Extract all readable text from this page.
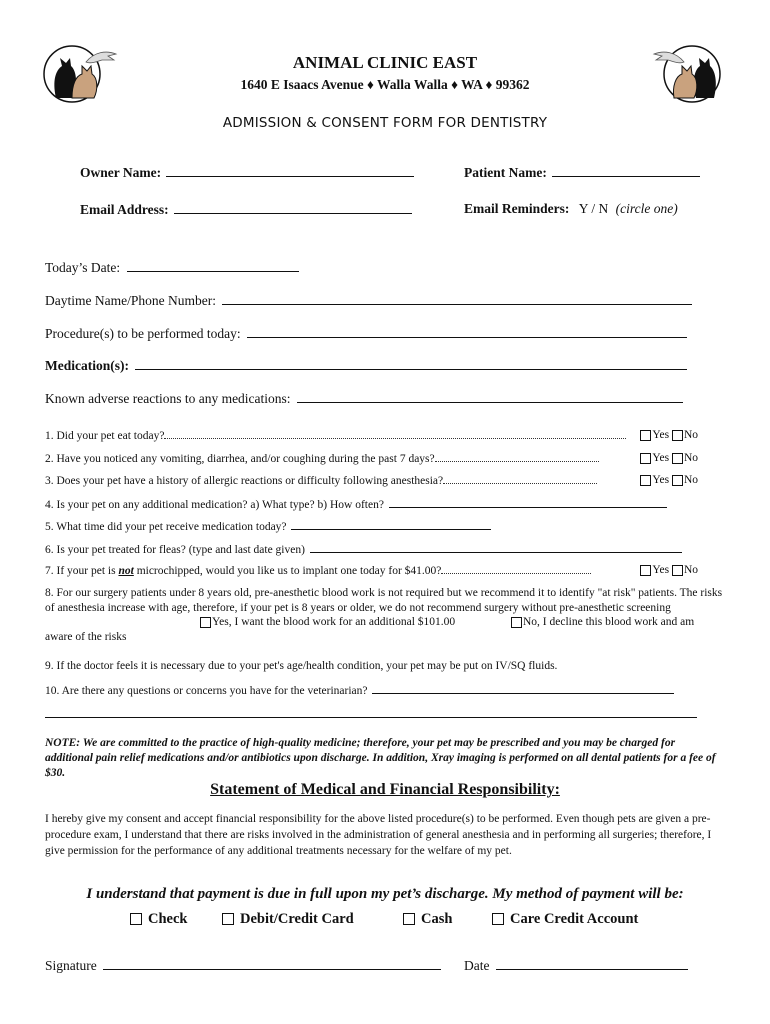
ANIMAL CLINIC EAST
1640 E Isaacs Avenue ♦ Walla Walla ♦ WA ♦ 99362
ADMISSION & CONSENT FORM FOR DENTISTRY
Owner Name:	Patient Name:
Email Address:	Email Reminders: Y / N (circle one)
Today’s Date:
Daytime Name/Phone Number:
Procedure(s) to be performed today:
Medication(s):
Known adverse reactions to any medications:
1. Did your pet eat today?	Yes No
2. Have you noticed any vomiting, diarrhea, and/or coughing during the past 7 days?	Yes No
3. Does your pet have a history of allergic reactions or difficulty following anesthesia?	Yes No
4. Is your pet on any additional medication? a) What type? b) How often?
5. What time did your pet receive medication today?
6. Is your pet treated for fleas? (type and last date given)
7. If your pet is not microchipped, would you like us to implant one today for $41.00?	Yes No
8. For our surgery patients under 8 years old, pre-anesthetic blood work is not required but we recommend it to identify "at risk" patients. The risks of anesthesia increase with age, therefore, if your pet is 8 years or older, we do not recommend surgery without pre-anesthetic screening
Yes, I want the blood work for an additional $101.00	No, I decline this blood work and am
aware of the risks
9. If the doctor feels it is necessary due to your pet's age/health condition, your pet may be put on IV/SQ fluids.
10. Are there any questions or concerns you have for the veterinarian?
NOTE: We are committed to the practice of high-quality medicine; therefore, your pet may be prescribed and you may be charged for additional pain relief medications and/or antibiotics upon discharge. In addition, Xray imaging is performed on all dental patients for a fee of $30.
Statement of Medical and Financial Responsibility:
I hereby give my consent and accept financial responsibility for the above listed procedure(s) to be performed. Even though pets are given a pre-procedure exam, I understand that there are risks involved in the administration of general anesthesia and in performing all surgeries; therefore, I give permission for the performance of any additional treatments necessary for the welfare of my pet.
I understand that payment is due in full upon my pet’s discharge. My method of payment will be:
Check	Debit/Credit Card	Cash	Care Credit Account
Signature	Date
